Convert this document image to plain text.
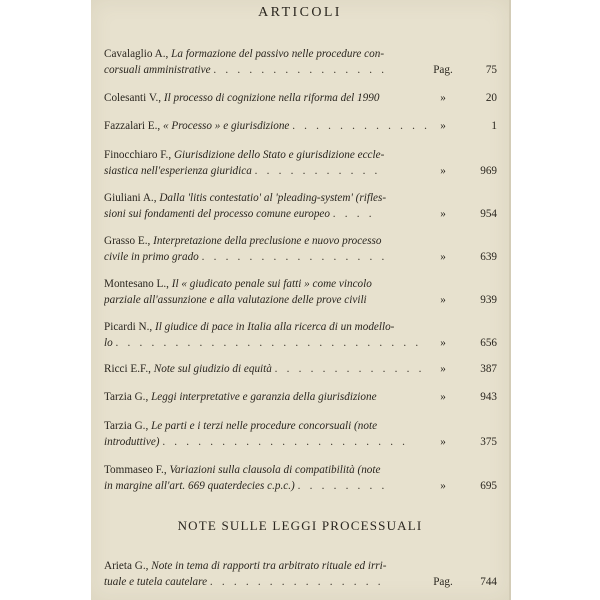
ARTICOLI
NOTE SULLE LEGGI PROCESSUALI
Cavalaglio A., La formazione del passivo nelle procedure con-
corsuali amministrative . . . . . . . . . . . . . . .	Pag.	75
Colesanti V., Il processo di cognizione nella riforma del 1990	»	20
Fazzalari E., « Processo » e giurisdizione . . . . . . . . . . . . »	1
Finocchiaro F., Giurisdizione dello Stato e giurisdizione eccle-
siastica nell'esperienza giuridica . . . . . . . . . . .	»	969
Giuliani A., Dalla 'litis contestatio' al 'pleading-system' (rifles-
sioni sui fondamenti del processo comune europeo . . . .	»	954
Grasso E., Interpretazione della preclusione e nuovo processo
civile in primo grado . . . . . . . . . . . . . . . .	»	639
Montesano L., Il « giudicato penale sui fatti » come vincolo
parziale all'assunzione e alla valutazione delle prove civili	»	939
Picardi N., Il giudice di pace in Italia alla ricerca di un modello-
lo . . . . . . . . . . . . . . . . . . . . . . . . . .	»	656
Ricci E.F., Note sul giudizio di equità . . . . . . . . . . . . .	»	387
Tarzia G., Leggi interpretative e garanzia della giurisdizione	»	943
Tarzia G., Le parti e i terzi nelle procedure concorsuali (note
introduttive) . . . . . . . . . . . . . . . . . . . . .	»	375
Tommaseo F., Variazioni sulla clausola di compatibilità (note
in margine all'art. 669 quaterdecies c.p.c.) . . . . . . . .	»	695
Arieta G., Note in tema di rapporti tra arbitrato rituale ed irri-
tuale e tutela cautelare . . . . . . . . . . . . . . .	Pag.	744
